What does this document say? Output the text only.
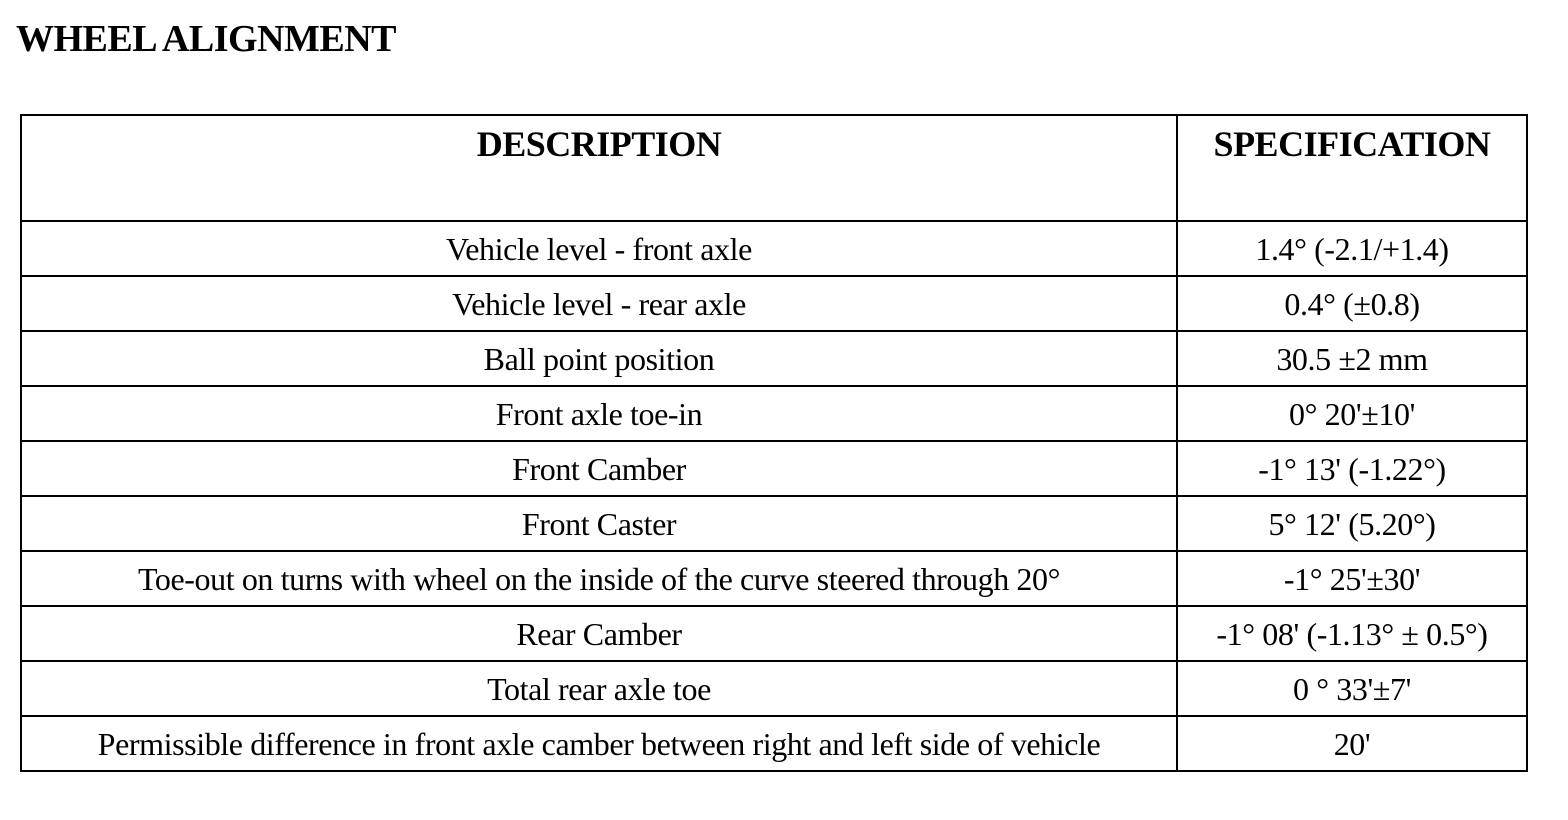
WHEEL ALIGNMENT
DESCRIPTION	SPECIFICATION
Vehicle level - front axle	1.4° (-2.1/+1.4)
Vehicle level - rear axle	0.4° (±0.8)
Ball point position	30.5 ±2 mm
Front axle toe-in	0° 20'±10'
Front Camber	-1° 13' (-1.22°)
Front Caster	5° 12' (5.20°)
Toe-out on turns with wheel on the inside of the curve steered through 20°	-1° 25'±30'
Rear Camber	-1° 08' (-1.13° ± 0.5°)
Total rear axle toe	0 ° 33'±7'
Permissible difference in front axle camber between right and left side of vehicle	20'
